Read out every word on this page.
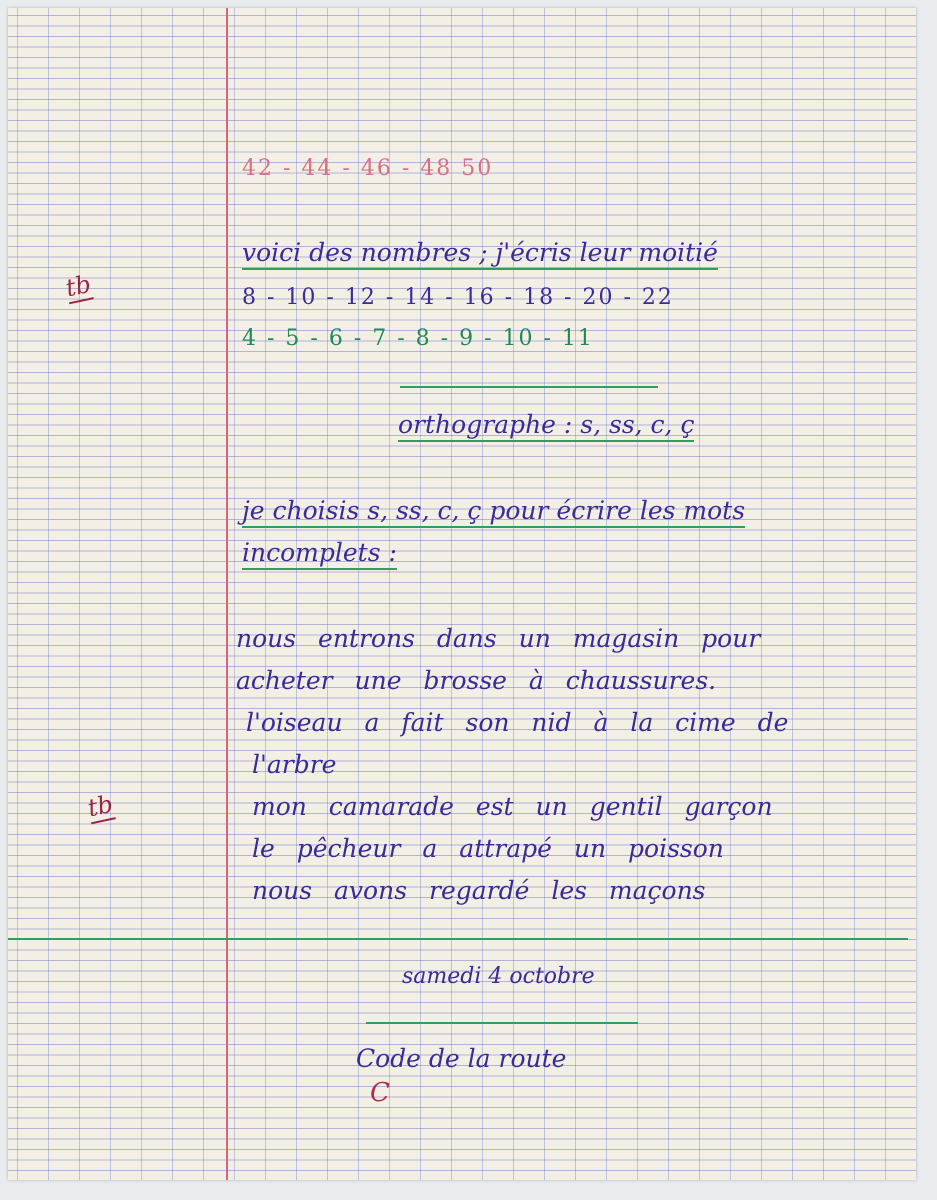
42 - 44 - 46 - 48 50
voici des nombres ; j'écris leur moitié
tb	8 - 10 - 12 - 14 - 16 - 18 - 20 - 22
4 - 5 - 6 - 7 - 8 - 9 - 10 - 11
orthographe : s, ss, c, ç
je choisis s, ss, c, ç pour écrire les mots
incomplets :
nous entrons dans un magasin pour
acheter une brosse à chaussures.
l'oiseau a fait son nid à la cime de
l'arbre
tb	mon camarade est un gentil garçon
le pêcheur a attrapé un poisson
nous avons regardé les maçons
samedi 4 octobre
Code de la route
C
